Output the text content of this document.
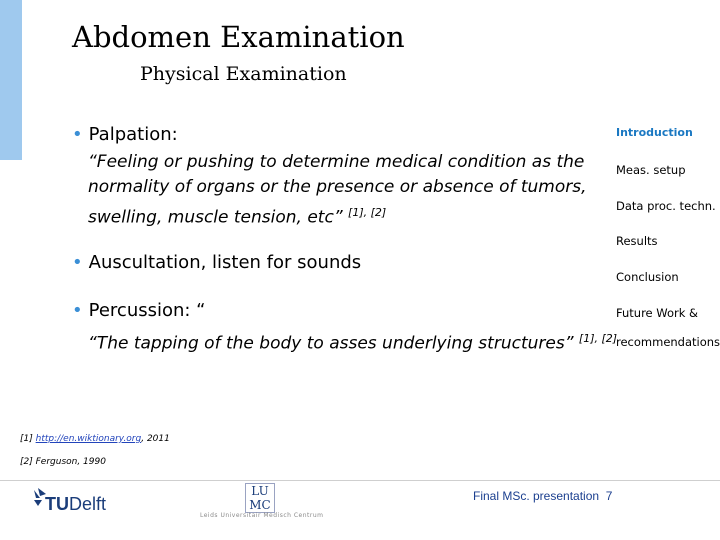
Abdomen Examination
Physical Examination
• Palpation:
“Feeling or pushing to determine medical condition as the
normality of organs or the presence or absence of tumors,
swelling, muscle tension, etc” [1], [2]
• Auscultation, listen for sounds
• Percussion: “
“The tapping of the body to asses underlying structures” [1], [2]
Introduction
Meas. setup
Data proc. techn.
Results
Conclusion
Future Work &
recommendations
[1] http://en.wiktionary.org, 2011
[2] Ferguson, 1990
TUDelft
LU
MC
Leids Universitair Medisch Centrum
Final MSc. presentation 7
